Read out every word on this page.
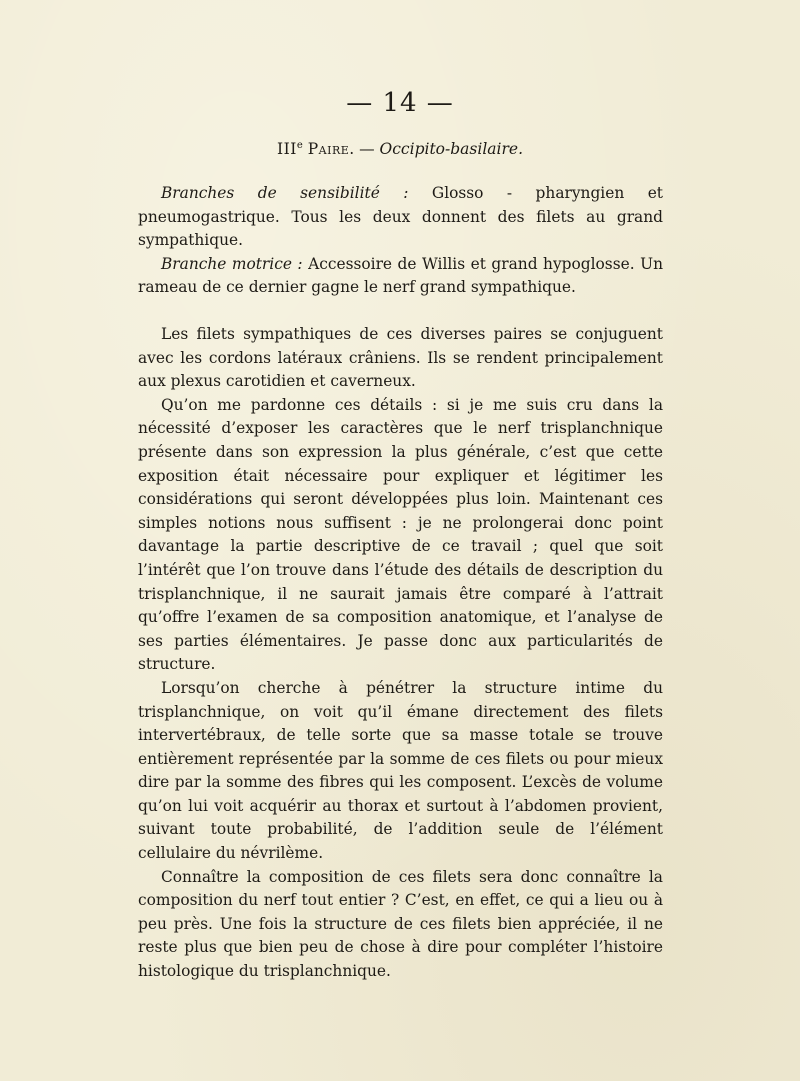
— 14 —
IIIe Paire. — Occipito-basilaire.

Branches de sensibilité : Glosso - pharyngien et pneumogastrique. Tous les deux donnent des filets au grand sympathique.

Branche motrice : Accessoire de Willis et grand hypoglosse. Un rameau de ce dernier gagne le nerf grand sympathique.

Les filets sympathiques de ces diverses paires se conjuguent avec les cordons latéraux crâniens. Ils se rendent principalement aux plexus carotidien et caverneux.

Qu’on me pardonne ces détails : si je me suis cru dans la nécessité d’exposer les caractères que le nerf trisplanchnique présente dans son expression la plus générale, c’est que cette exposition était nécessaire pour expliquer et légitimer les considérations qui seront développées plus loin. Maintenant ces simples notions nous suffisent : je ne prolongerai donc point davantage la partie descriptive de ce travail ; quel que soit l’intérêt que l’on trouve dans l’étude des détails de description du trisplanchnique, il ne saurait jamais être comparé à l’attrait qu’offre l’examen de sa composition anatomique, et l’analyse de ses parties élémentaires. Je passe donc aux particularités de structure.

Lorsqu’on cherche à pénétrer la structure intime du trisplanchnique, on voit qu’il émane directement des filets intervertébraux, de telle sorte que sa masse totale se trouve entièrement représentée par la somme de ces filets ou pour mieux dire par la somme des fibres qui les composent. L’excès de volume qu’on lui voit acquérir au thorax et surtout à l’abdomen provient, suivant toute probabilité, de l’addition seule de l’élément cellulaire du névrilème.

Connaître la composition de ces filets sera donc connaître la composition du nerf tout entier ? C’est, en effet, ce qui a lieu ou à peu près. Une fois la structure de ces filets bien appréciée, il ne reste plus que bien peu de chose à dire pour compléter l’histoire histologique du trisplanchnique.
